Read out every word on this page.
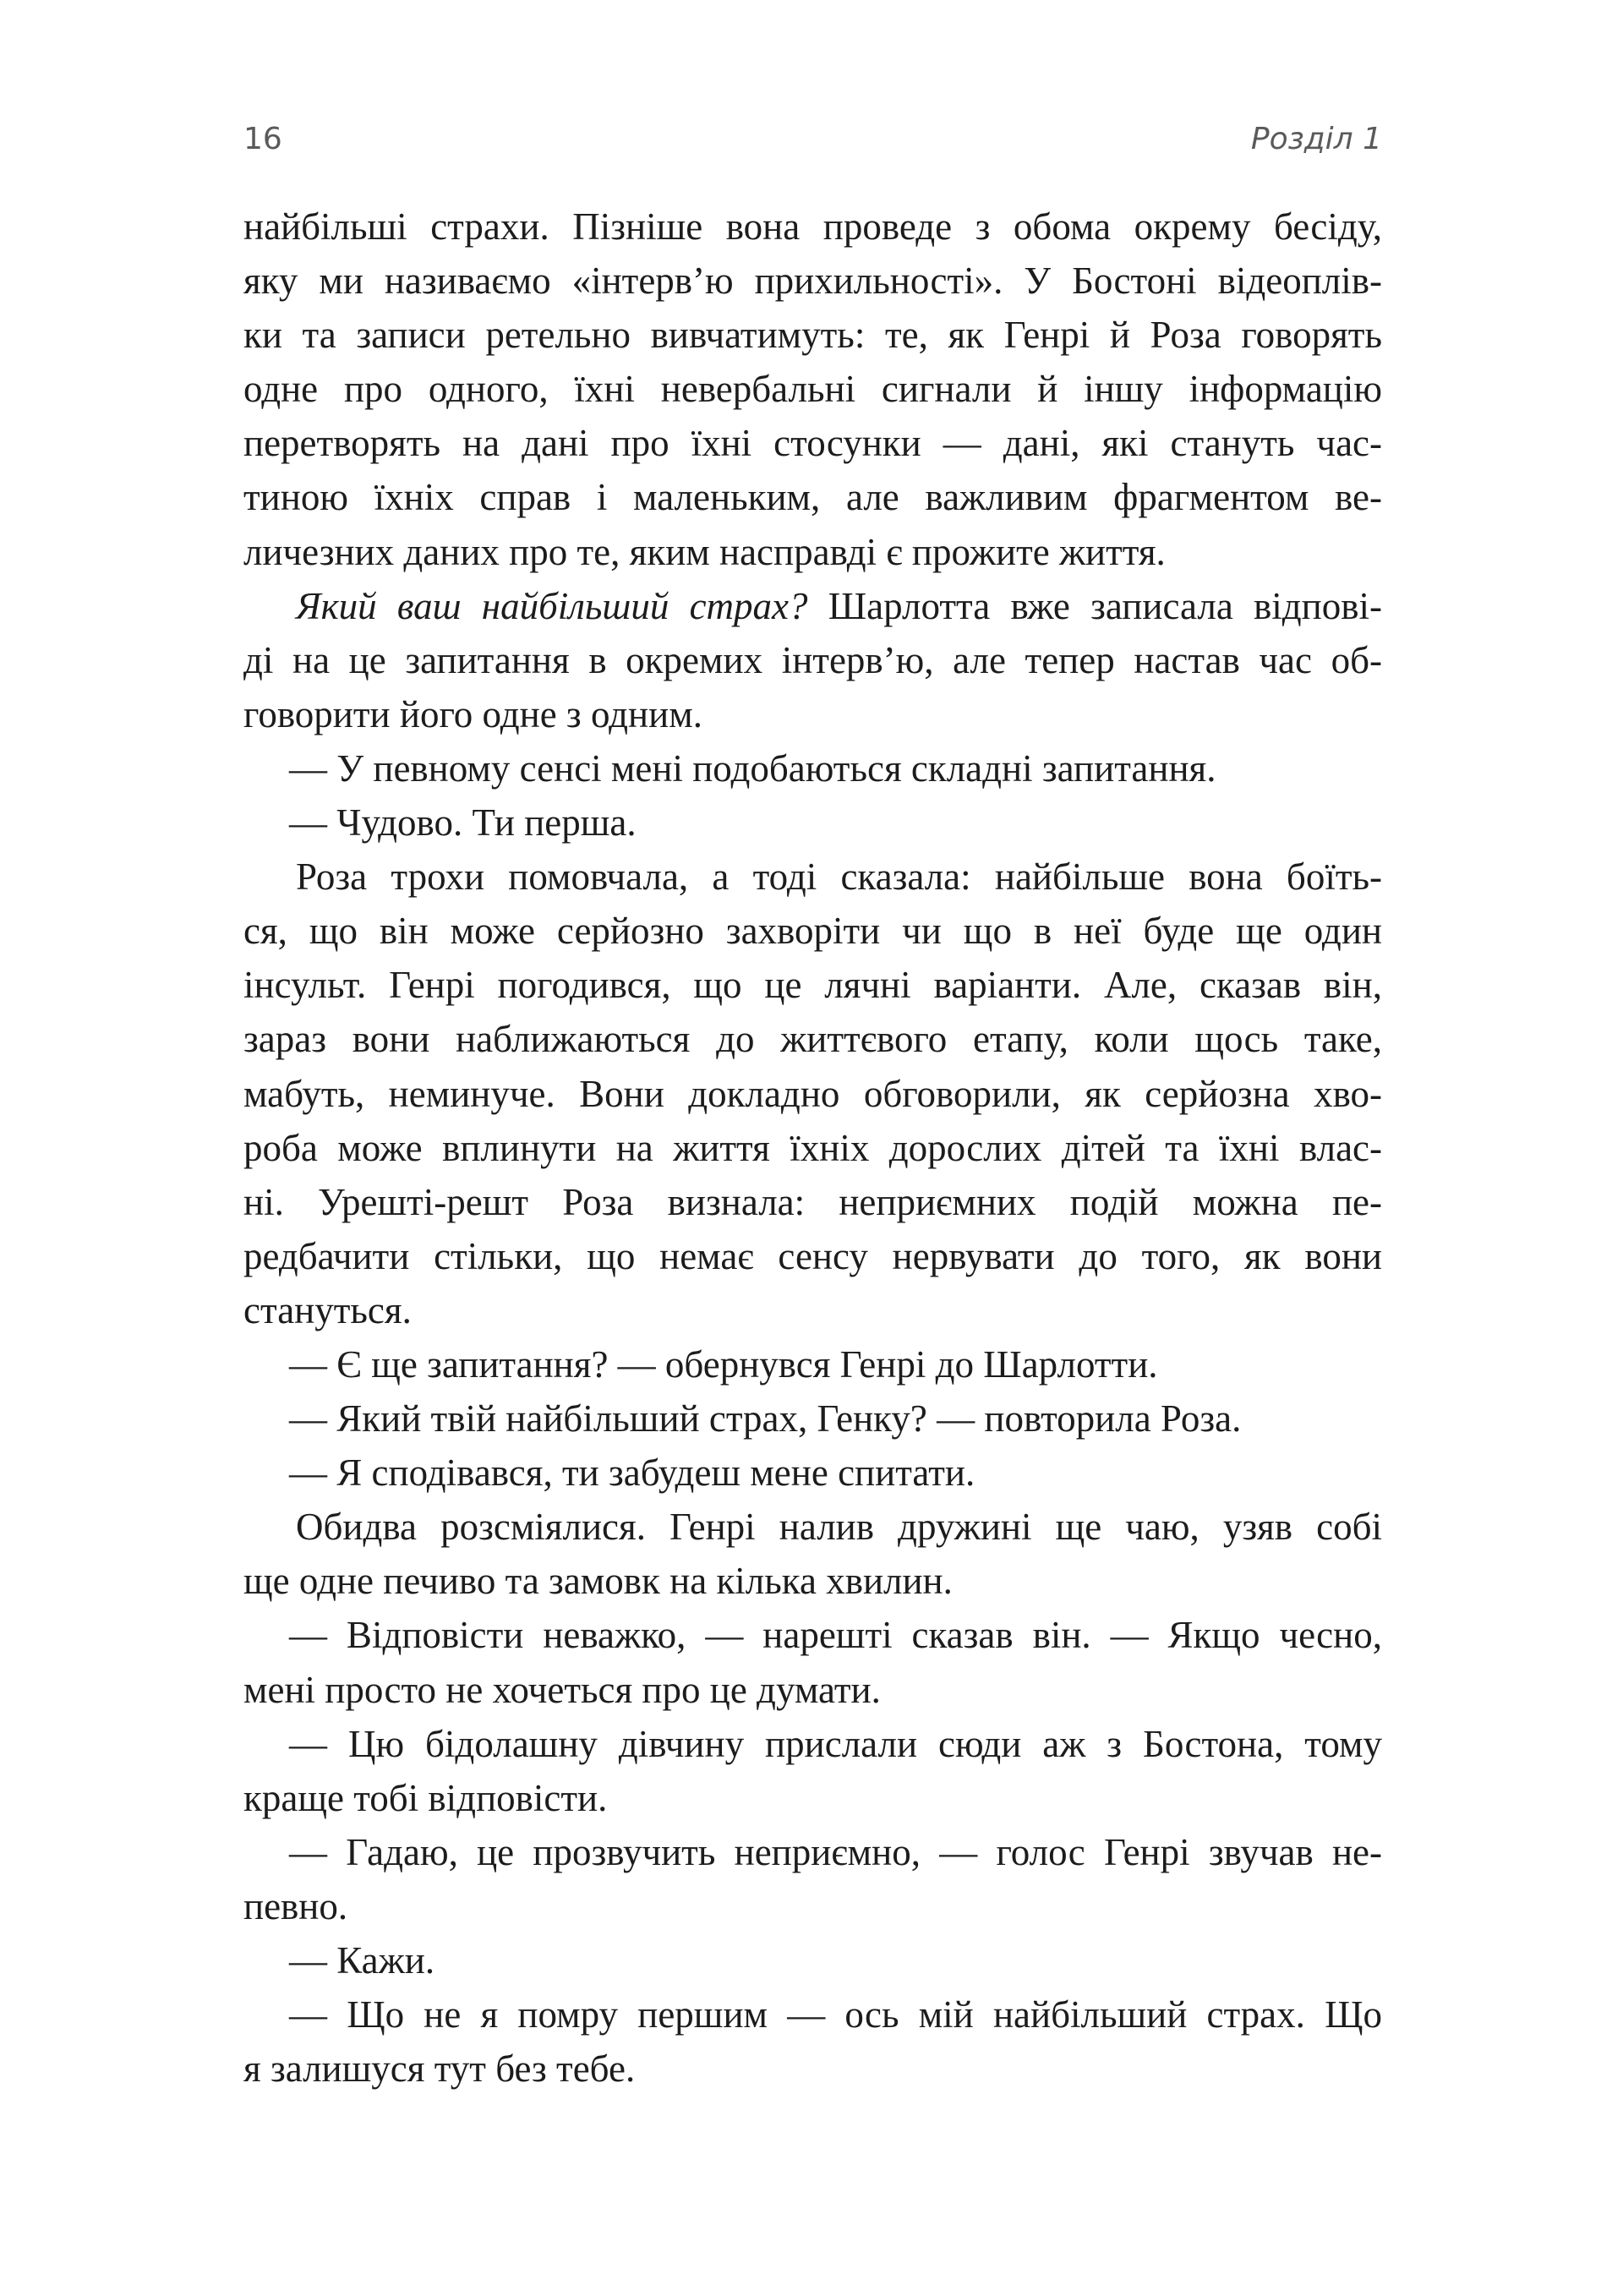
16	Розділ 1
найбільші страхи. Пізніше вона проведе з обома окрему бесіду,
яку ми називаємо «інтерв’ю прихильності». У Бостоні відеоплів-
ки та записи ретельно вивчатимуть: те, як Генрі й Роза говорять
одне про одного, їхні невербальні сигнали й іншу інформацію
перетворять на дані про їхні стосунки — дані, які стануть час-
тиною їхніх справ і маленьким, але важливим фрагментом ве-
личезних даних про те, яким насправді є прожите життя.
Який ваш найбільший страх? Шарлотта вже записала відпові-
ді на це запитання в окремих інтерв’ю, але тепер настав час об-
говорити його одне з одним.
— У певному сенсі мені подобаються складні запитання.
— Чудово. Ти перша.
Роза трохи помовчала, а тоді сказала: найбільше вона боїть-
ся, що він може серйозно захворіти чи що в неї буде ще один
інсульт. Генрі погодився, що це лячні варіанти. Але, сказав він,
зараз вони наближаються до життєвого етапу, коли щось таке,
мабуть, неминуче. Вони докладно обговорили, як серйозна хво-
роба може вплинути на життя їхніх дорослих дітей та їхні влас-
ні. Урешті-решт Роза визнала: неприємних подій можна пе-
редбачити стільки, що немає сенсу нервувати до того, як вони
стануться.
— Є ще запитання? — обернувся Генрі до Шарлотти.
— Який твій найбільший страх, Генку? — повторила Роза.
— Я сподівався, ти забудеш мене спитати.
Обидва розсміялися. Генрі налив дружині ще чаю, узяв собі
ще одне печиво та замовк на кілька хвилин.
— Відповісти неважко, — нарешті сказав він. — Якщо чесно,
мені просто не хочеться про це думати.
— Цю бідолашну дівчину прислали сюди аж з Бостона, тому
краще тобі відповісти.
— Гадаю, це прозвучить неприємно, — голос Генрі звучав не-
певно.
— Кажи.
— Що не я помру першим — ось мій найбільший страх. Що
я залишуся тут без тебе.
